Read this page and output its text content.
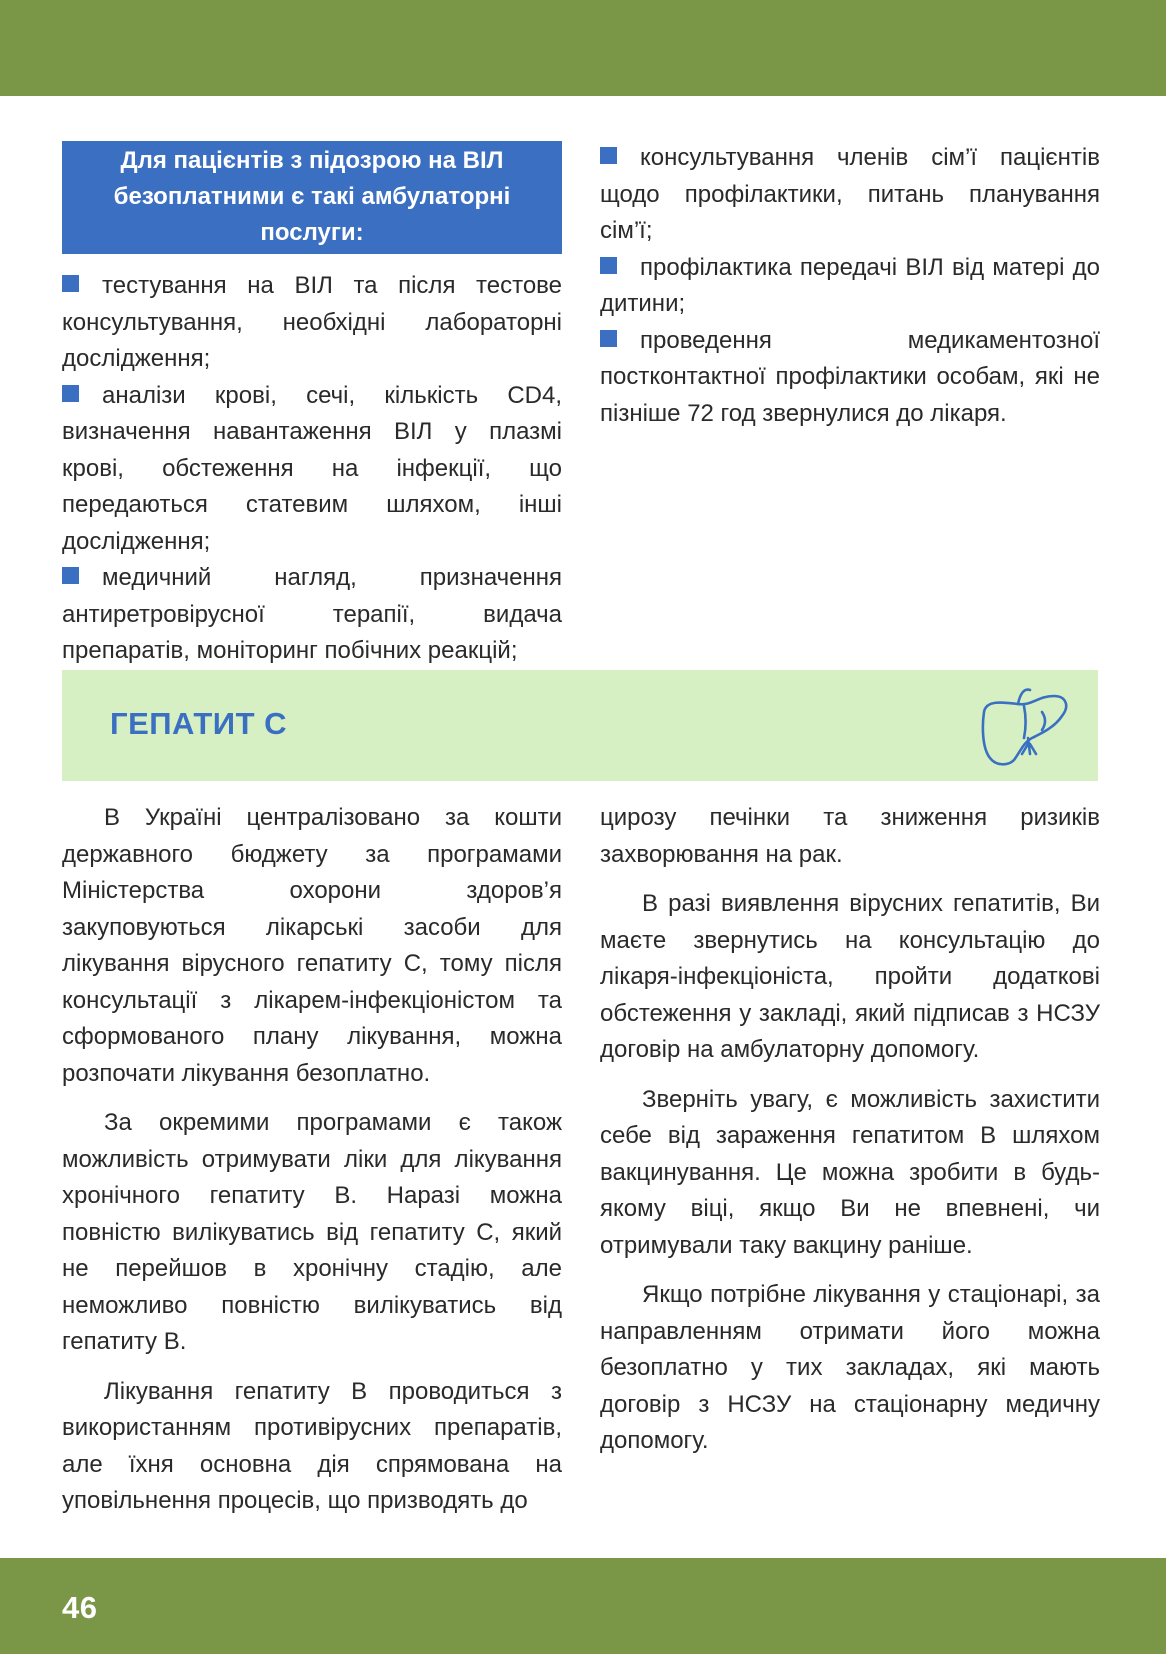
Для пацієнтів з підозрою на ВІЛ
безоплатними є такі амбулаторні послуги:

тестування на ВІЛ та після тестове консультування, необхідні лабораторні дослідження;

аналізи крові, сечі, кількість CD4, визначення навантаження ВІЛ у плазмі крові, обстеження на інфекції, що передаються статевим шляхом, інші дослідження;

медичний нагляд, призначення антиретровірусної терапії, видача препаратів, моніторинг побічних реакцій;

консультування членів сім’ї пацієнтів щодо профілактики, питань планування сім’ї;

профілактика передачі ВІЛ від матері до дитини;

проведення медикаментозної постконтактної профілактики особам, які не пізніше 72 год звернулися до лікаря.

ГЕПАТИТ С

В Україні централізовано за кошти державного бюджету за програмами Міністерства охорони здоров’я закуповуються лікарські засоби для лікування вірусного гепатиту С, тому після консультації з лікарем-інфекціоністом та сформованого плану лікування, можна розпочати лікування безоплатно.

За окремими програмами є також можливість отримувати ліки для лікування хронічного гепатиту В. Наразі можна повністю вилікуватись від гепатиту С, який не перейшов в хронічну стадію, але неможливо повністю вилікуватись від гепатиту В.

Лікування гепатиту В проводиться з використанням противірусних препаратів, але їхня основна дія спрямована на уповільнення процесів, що призводять до

цирозу печінки та зниження ризиків захворювання на рак.

В разі виявлення вірусних гепатитів, Ви маєте звернутись на консультацію до лікаря-інфекціоніста, пройти додаткові обстеження у закладі, який підписав з НСЗУ договір на амбулаторну допомогу.

Зверніть увагу, є можливість захистити себе від зараження гепатитом В шляхом вакцинування. Це можна зробити в будь-якому віці, якщо Ви не впевнені, чи отримували таку вакцину раніше.

Якщо потрібне лікування у стаціонарі, за направленням отримати його можна безоплатно у тих закладах, які мають договір з НСЗУ на стаціонарну медичну допомогу.

46
